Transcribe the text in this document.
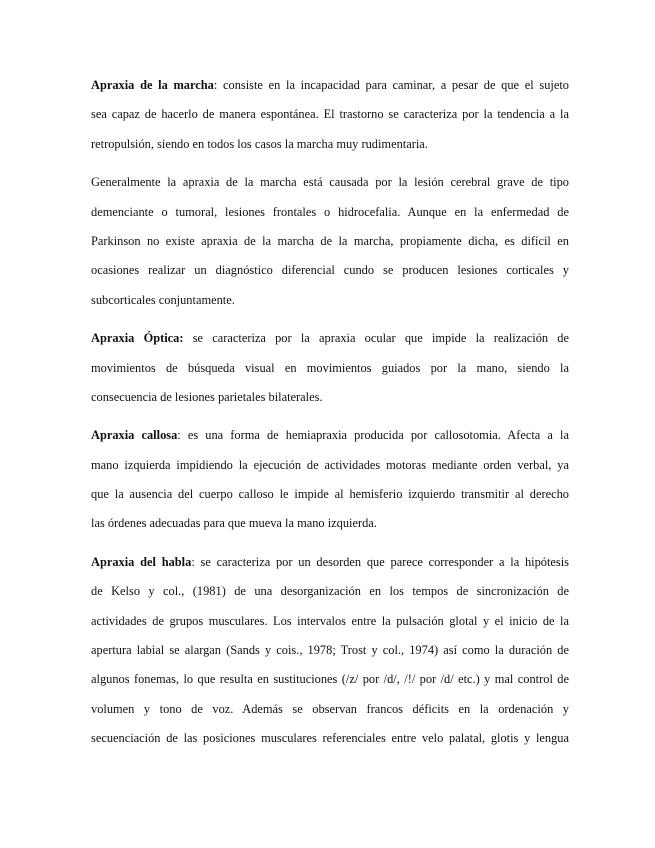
Apraxia de la marcha: consiste en la incapacidad para caminar, a pesar de que el sujeto
sea capaz de hacerlo de manera espontánea. El trastorno se caracteriza por la tendencia a la
retropulsión, siendo en todos los casos la marcha muy rudimentaria.
Generalmente la apraxia de la marcha está causada por la lesión cerebral grave de tipo
demenciante o tumoral, lesiones frontales o hidrocefalia. Aunque en la enfermedad de
Parkinson no existe apraxia de la marcha de la marcha, propiamente dicha, es difícil en
ocasiones realizar un diagnóstico diferencial cundo se producen lesiones corticales y
subcorticales conjuntamente.
Apraxia Óptica: se caracteriza por la apraxia ocular que impide la realización de
movimientos de búsqueda visual en movimientos guiados por la mano, siendo la
consecuencia de lesiones parietales bilaterales.
Apraxia callosa: es una forma de hemiapraxia producida por callosotomia. Afecta a la
mano izquierda impidiendo la ejecución de actividades motoras mediante orden verbal, ya
que la ausencia del cuerpo calloso le impide al hemisferio izquierdo transmitir al derecho
las órdenes adecuadas para que mueva la mano izquierda.
Apraxia del habla: se caracteriza por un desorden que parece corresponder a la hipótesis
de Kelso y col., (1981) de una desorganización en los tempos de sincronización de
actividades de grupos musculares. Los intervalos entre la pulsación glotal y el inicio de la
apertura labial se alargan (Sands y cois., 1978; Trost y col., 1974) así como la duración de
algunos fonemas, lo que resulta en sustituciones (/z/ por /d/, /!/ por /d/ etc.) y mal control de
volumen y tono de voz. Además se observan francos déficits en la ordenación y
secuenciación de las posiciones musculares referenciales entre velo palatal, glotis y lengua
